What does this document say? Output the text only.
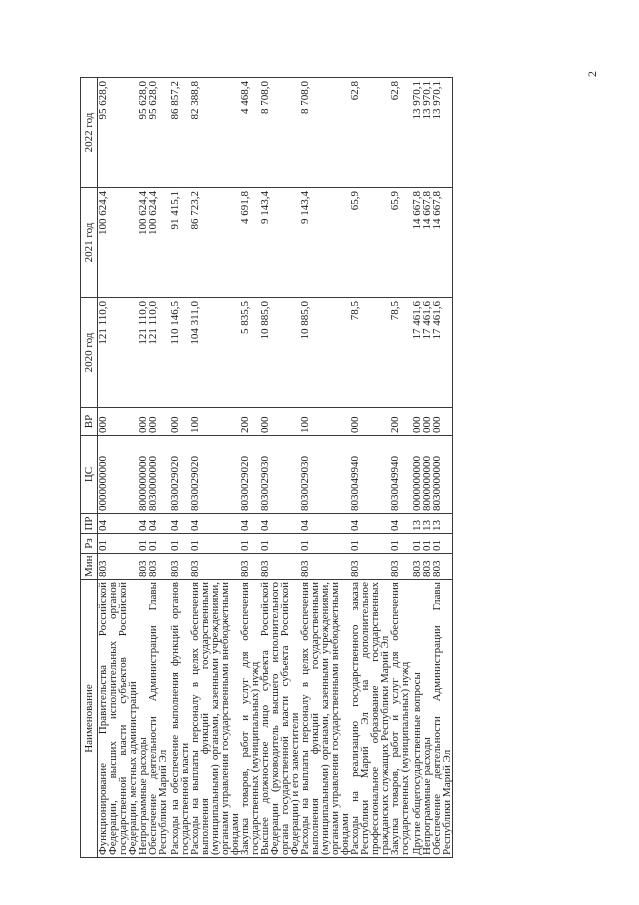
2
Наименование	Мин	Рз	ПР	ЦС	ВР	2020 год	2021 год	2022 год
Функционирование Правительства Российской Федерации, высших исполнительных органов государственной власти субъектов Российской Федерации, местных администраций	803	01	04	0000000000	000	121 110,0	100 624,4	95 628,0
Непрограммные расходы	803	01	04	8000000000	000	121 110,0	100 624,4	95 628,0
Обеспечение деятельности Администрации Главы Республики Марий Эл	803	01	04	8030000000	000	121 110,0	100 624,4	95 628,0
Расходы на обеспечение выполнения функций органов государственной власти	803	01	04	8030029020	000	110 146,5	91 415,1	86 857,2
Расходы на выплаты персоналу в целях обеспечения выполнения функций государственными (муниципальными) органами, казенными учреждениями, органами управления государственными внебюджетными фондами	803	01	04	8030029020	100	104 311,0	86 723,2	82 388,8
Закупка товаров, работ и услуг для обеспечения государственных (муниципальных) нужд	803	01	04	8030029020	200	5 835,5	4 691,8	4 468,4
Высшее должностное лицо субъекта Российской Федерации (руководитель высшего исполнительного органа государственной власти субъекта Российской Федерации) и его заместители	803	01	04	8030029030	000	10 885,0	9 143,4	8 708,0
Расходы на выплаты персоналу в целях обеспечения выполнения функций государственными (муниципальными) органами, казенными учреждениями, органами управления государственными внебюджетными фондами	803	01	04	8030029030	100	10 885,0	9 143,4	8 708,0
Расходы на реализацию государственного заказа Республики Марий Эл на дополнительное профессиональное образование государственных гражданских служащих Республики Марий Эл	803	01	04	8030049940	000	78,5	65,9	62,8
Закупка товаров, работ и услуг для обеспечения государственных (муниципальных) нужд	803	01	04	8030049940	200	78,5	65,9	62,8
Другие общегосударственные вопросы	803	01	13	0000000000	000	17 461,6	14 667,8	13 970,1
Непрограммные расходы	803	01	13	8000000000	000	17 461,6	14 667,8	13 970,1
Обеспечение деятельности Администрации Главы Республики Марий Эл	803	01	13	8030000000	000	17 461,6	14 667,8	13 970,1
